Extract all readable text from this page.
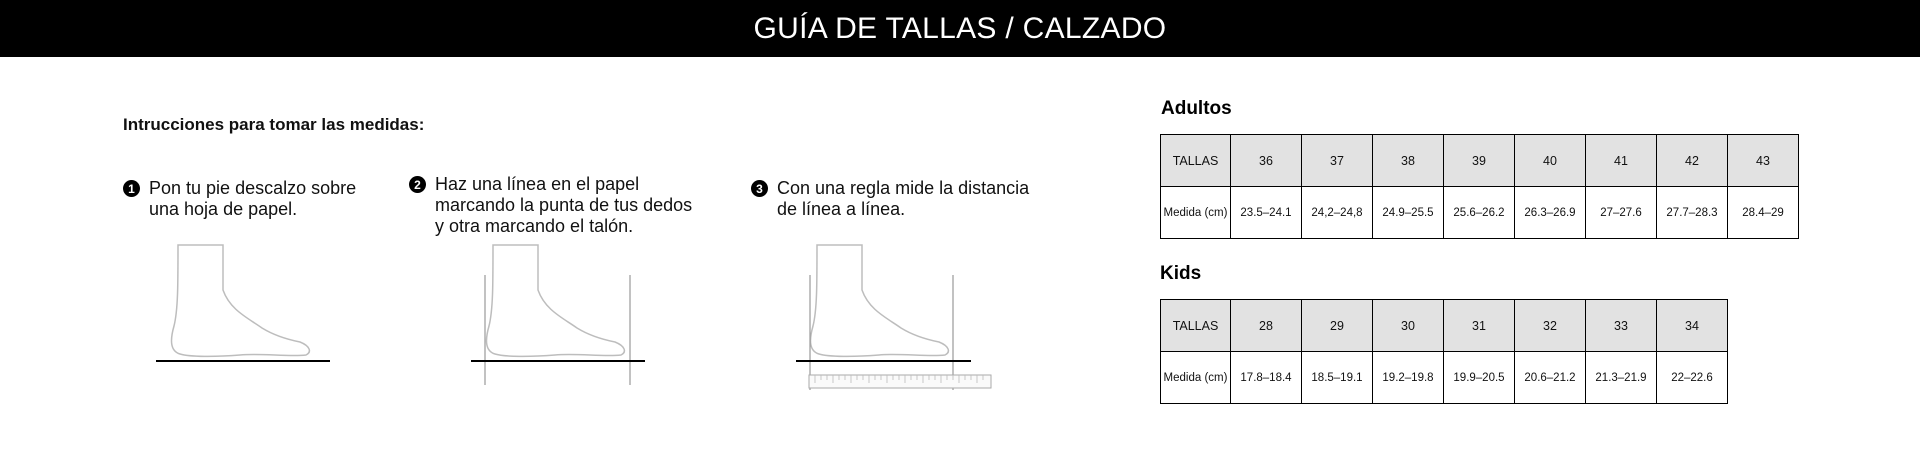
GUÍA DE TALLAS / CALZADO
Intrucciones para tomar las medidas:
1 Pon tu pie descalzo sobre
una hoja de papel.
2 Haz una línea en el papel
marcando la punta de tus dedos
y otra marcando el talón.
3 Con una regla mide la distancia
de línea a línea.
Adultos
TALLAS	36	37	38	39	40	41	42	43
Medida (cm)	23.5–24.1	24,2–24,8	24.9–25.5	25.6–26.2	26.3–26.9	27–27.6	27.7–28.3	28.4–29
Kids
TALLAS	28	29	30	31	32	33	34
Medida (cm)	17.8–18.4	18.5–19.1	19.2–19.8	19.9–20.5	20.6–21.2	21.3–21.9	22–22.6
